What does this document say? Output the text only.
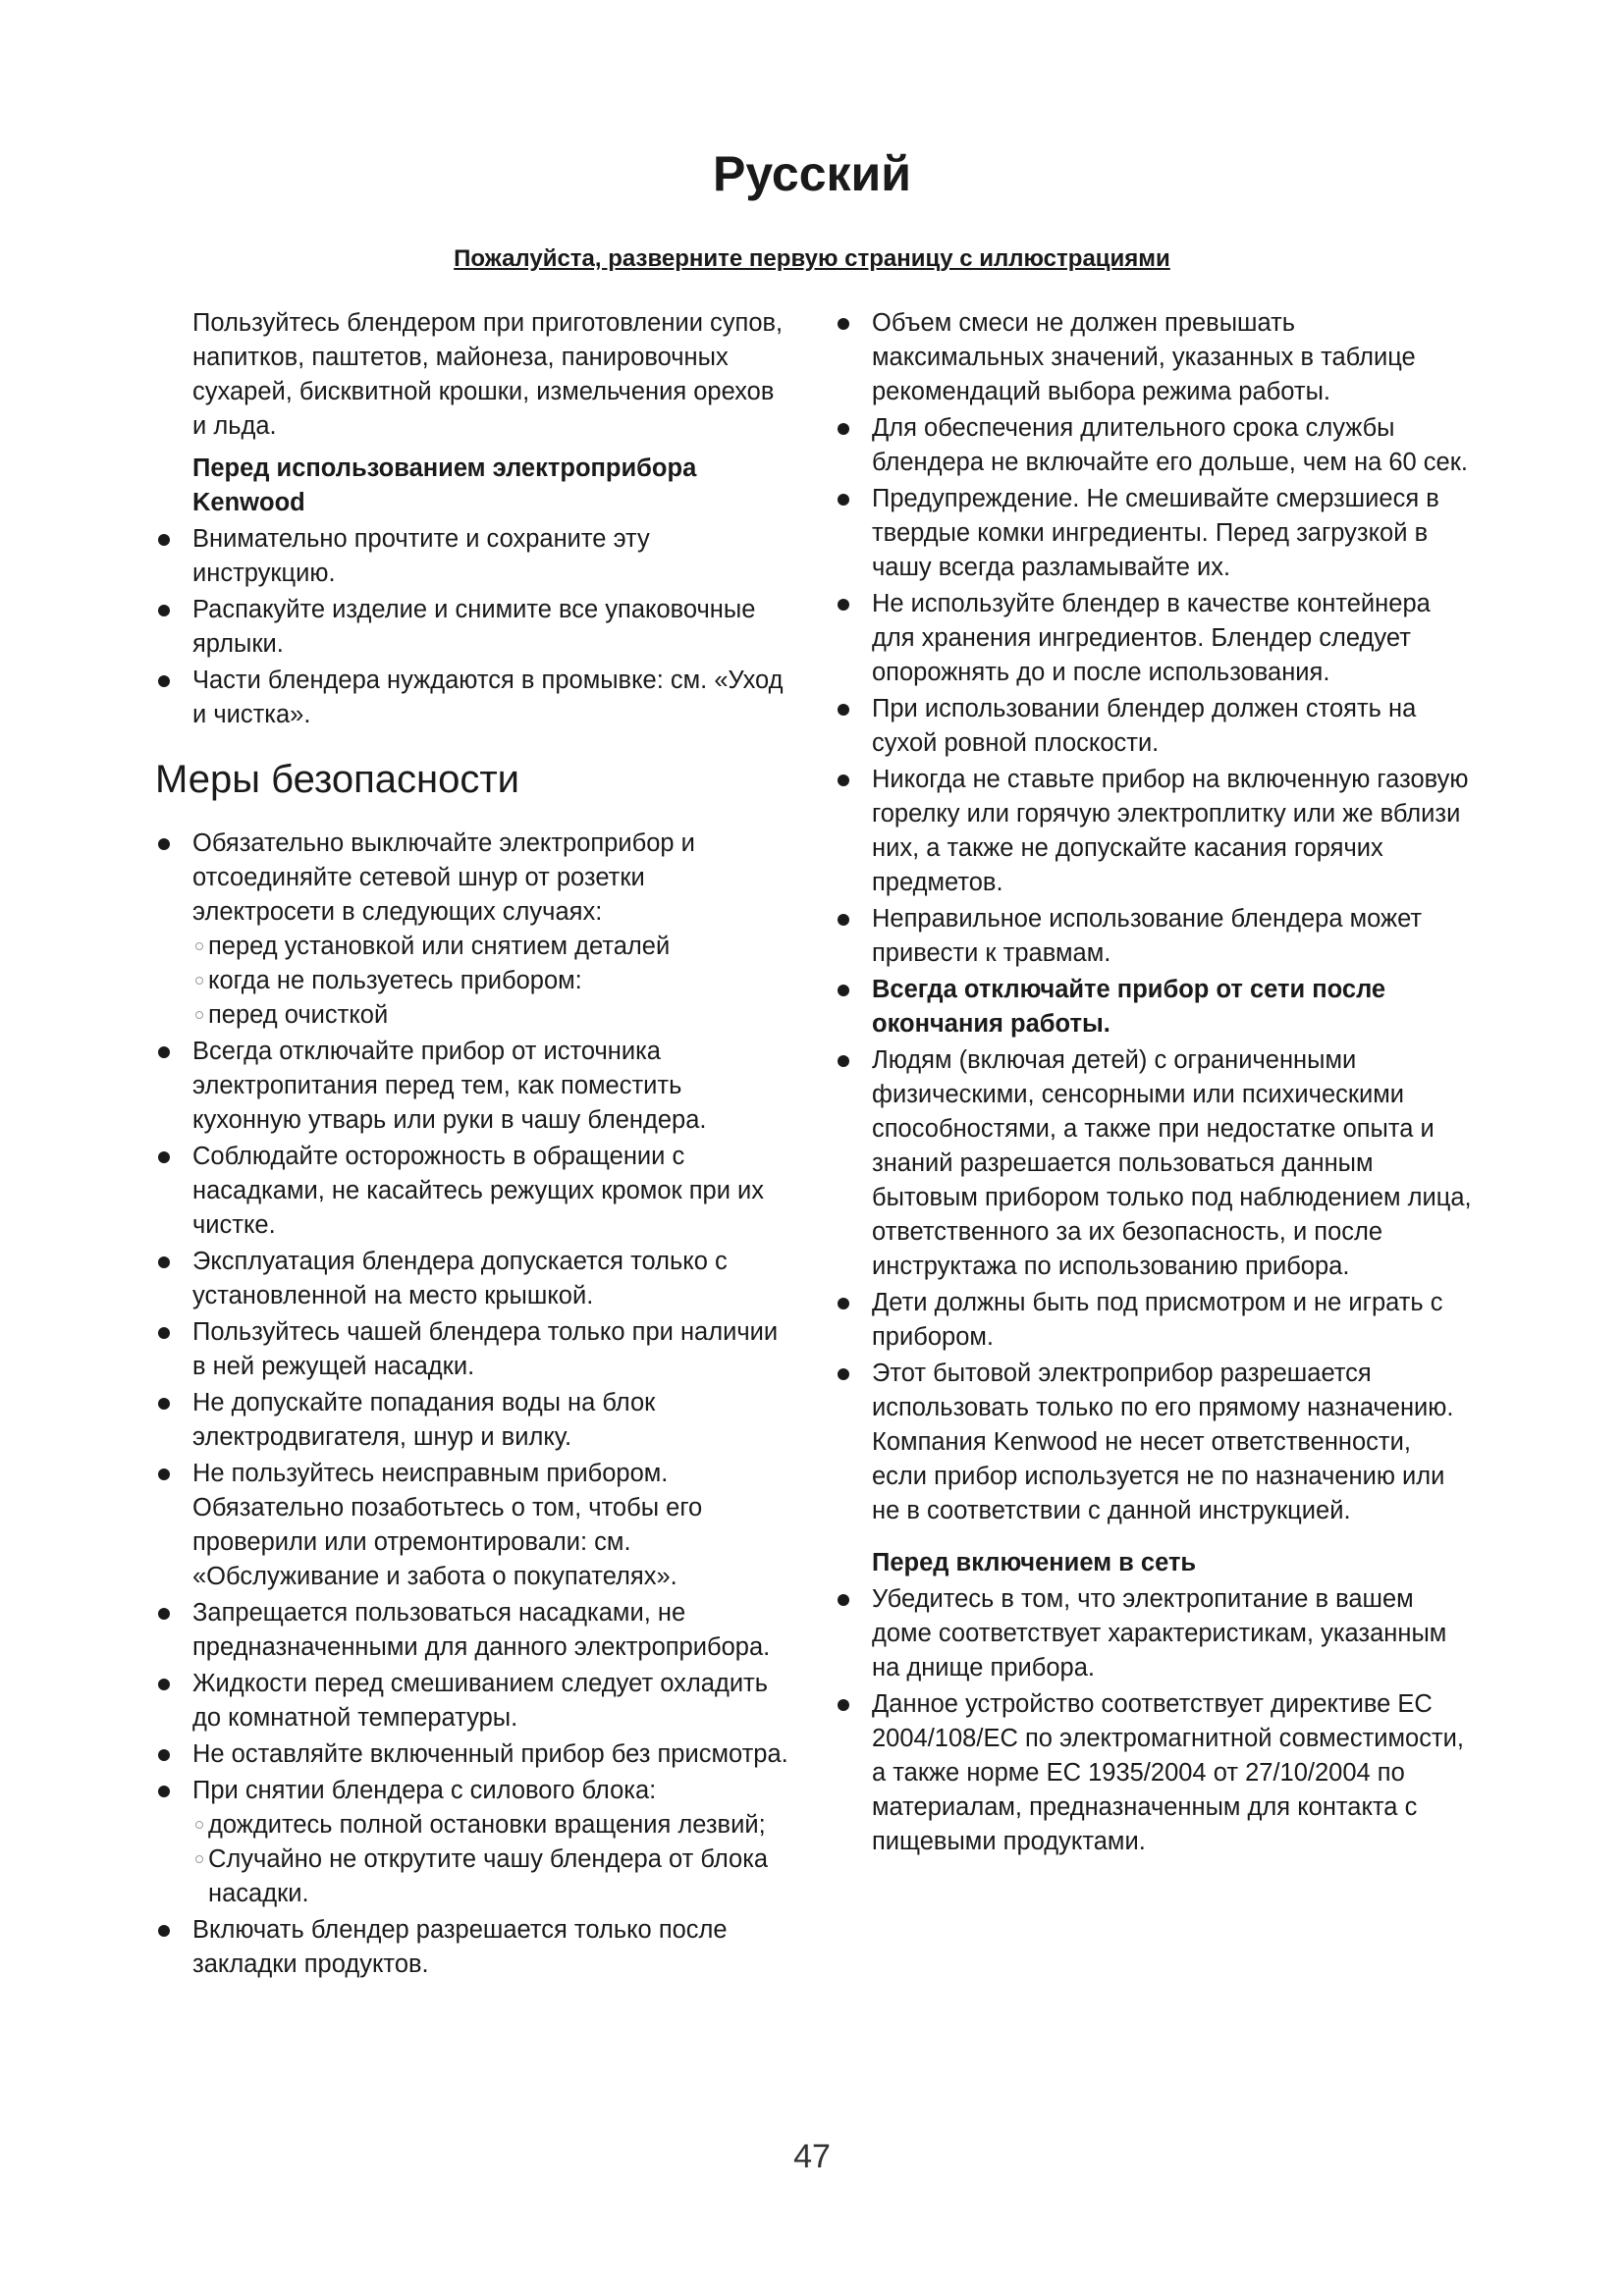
Русский
Пожалуйста, разверните первую страницу с иллюстрациями

Пользуйтесь блендером при приготовлении супов, напитков, паштетов, майонеза, панировочных сухарей, бисквитной крошки, измельчения орехов и льда.

Перед использованием электроприбора Kenwood

Внимательно прочтите и сохраните эту инструкцию.
Распакуйте изделие и снимите все упаковочные ярлыки.
Части блендера нуждаются в промывке: см. «Уход и чистка».
Меры безопасности
Обязательно выключайте электроприбор и отсоединяйте сетевой шнур от розетки электросети в следующих случаях:
перед установкой или снятием деталей
когда не пользуетесь прибором:
перед очисткой
Всегда отключайте прибор от источника электропитания перед тем, как поместить кухонную утварь или руки в чашу блендера.
Соблюдайте осторожность в обращении с насадками, не касайтесь режущих кромок при их чистке.
Эксплуатация блендера допускается только с установленной на место крышкой.
Пользуйтесь чашей блендера только при наличии в ней режущей насадки.
Не допускайте попадания воды на блок электродвигателя, шнур и вилку.
Не пользуйтесь неисправным прибором. Обязательно позаботьтесь о том, чтобы его проверили или отремонтировали: см. «Обслуживание и забота о покупателях».
Запрещается пользоваться насадками, не предназначенными для данного электроприбора.
Жидкости перед смешиванием следует охладить до комнатной температуры.
Не оставляйте включенный прибор без присмотра.
При снятии блендера с силового блока:
дождитесь полной остановки вращения лезвий;
Случайно не открутите чашу блендера от блока насадки.
Включать блендер разрешается только после закладки продуктов.
Объем смеси не должен превышать максимальных значений, указанных в таблице рекомендаций выбора режима работы.
Для обеспечения длительного срока службы блендера не включайте его дольше, чем на 60 сек.
Предупреждение. Не смешивайте смерзшиеся в твердые комки ингредиенты. Перед загрузкой в чашу всегда разламывайте их.
Не используйте блендер в качестве контейнера для хранения ингредиентов. Блендер следует опорожнять до и после использования.
При использовании блендер должен стоять на сухой ровной плоскости.
Никогда не ставьте прибор на включенную газовую горелку или горячую электроплитку или же вблизи них, а также не допускайте касания горячих предметов.
Неправильное использование блендера может привести к травмам.
Всегда отключайте прибор от сети после окончания работы.
Людям (включая детей) с ограниченными физическими, сенсорными или психическими способностями, а также при недостатке опыта и знаний разрешается пользоваться данным бытовым прибором только под наблюдением лица, ответственного за их безопасность, и после инструктажа по использованию прибора.
Дети должны быть под присмотром и не играть с прибором.
Этот бытовой электроприбор разрешается использовать только по его прямому назначению. Компания Kenwood не несет ответственности, если прибор используется не по назначению или не в соответствии с данной инструкцией.

Перед включением в сеть

Убедитесь в том, что электропитание в вашем доме соответствует характеристикам, указанным на днище прибора.
Данное устройство соответствует директиве ЕС 2004/108/ЕС по электромагнитной совместимости, а также норме ЕС 1935/2004 от 27/10/2004 по материалам, предназначенным для контакта с пищевыми продуктами.
47
